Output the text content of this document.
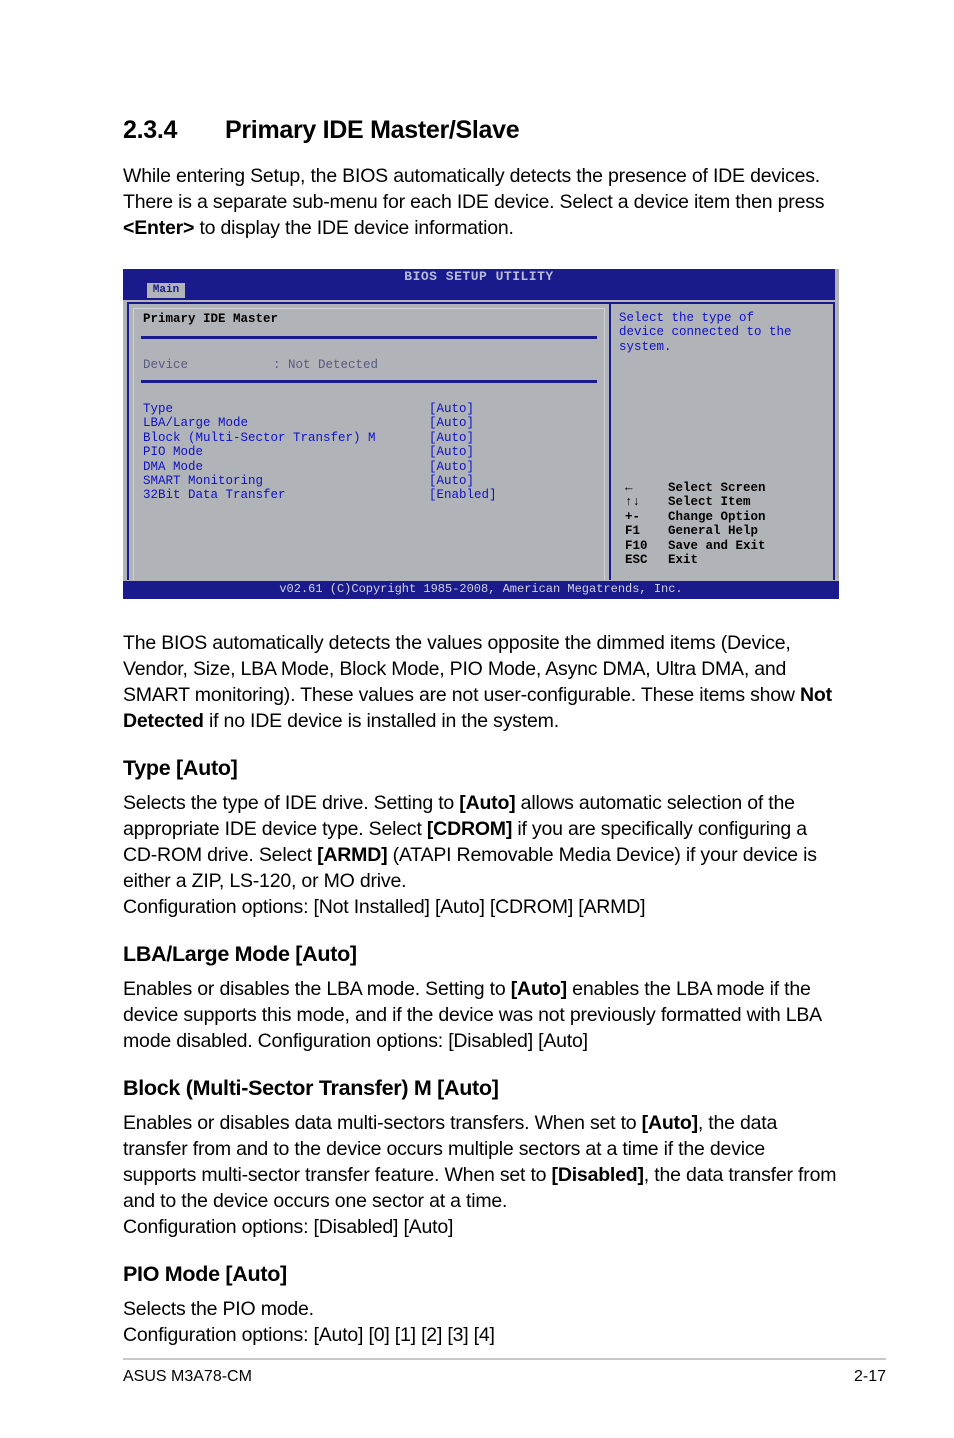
2.3.4 Primary IDE Master/Slave

While entering Setup, the BIOS automatically detects the presence of IDE devices. There is a separate sub-menu for each IDE device. Select a device item then press <Enter> to display the IDE device information.

BIOS SETUP UTILITY
Main
Primary IDE Master
Device	: Not Detected
Type	[Auto]
LBA/Large Mode	[Auto]
Block (Multi-Sector Transfer) M	[Auto]
PIO Mode	[Auto]
DMA Mode	[Auto]
SMART Monitoring	[Auto]
32Bit Data Transfer	[Enabled]
Select the type of
device connected to the
system.
←	Select Screen
↑↓ Select Item
+- Change Option
F1 General Help
F10 Save and Exit
ESC Exit
v02.61 (C)Copyright 1985-2008, American Megatrends, Inc.

The BIOS automatically detects the values opposite the dimmed items (Device, Vendor, Size, LBA Mode, Block Mode, PIO Mode, Async DMA, Ultra DMA, and SMART monitoring). These values are not user-configurable. These items show Not Detected if no IDE device is installed in the system.

Type [Auto]

Selects the type of IDE drive. Setting to [Auto] allows automatic selection of the appropriate IDE device type. Select [CDROM] if you are specifically configuring a CD-ROM drive. Select [ARMD] (ATAPI Removable Media Device) if your device is either a ZIP, LS-120, or MO drive.
Configuration options: [Not Installed] [Auto] [CDROM] [ARMD]

LBA/Large Mode [Auto]

Enables or disables the LBA mode. Setting to [Auto] enables the LBA mode if the device supports this mode, and if the device was not previously formatted with LBA mode disabled. Configuration options: [Disabled] [Auto]

Block (Multi-Sector Transfer) M [Auto]

Enables or disables data multi-sectors transfers. When set to [Auto], the data transfer from and to the device occurs multiple sectors at a time if the device supports multi-sector transfer feature. When set to [Disabled], the data transfer from and to the device occurs one sector at a time.
Configuration options: [Disabled] [Auto]

PIO Mode [Auto]

Selects the PIO mode.
Configuration options: [Auto] [0] [1] [2] [3] [4]

ASUS M3A78-CM	2-17
